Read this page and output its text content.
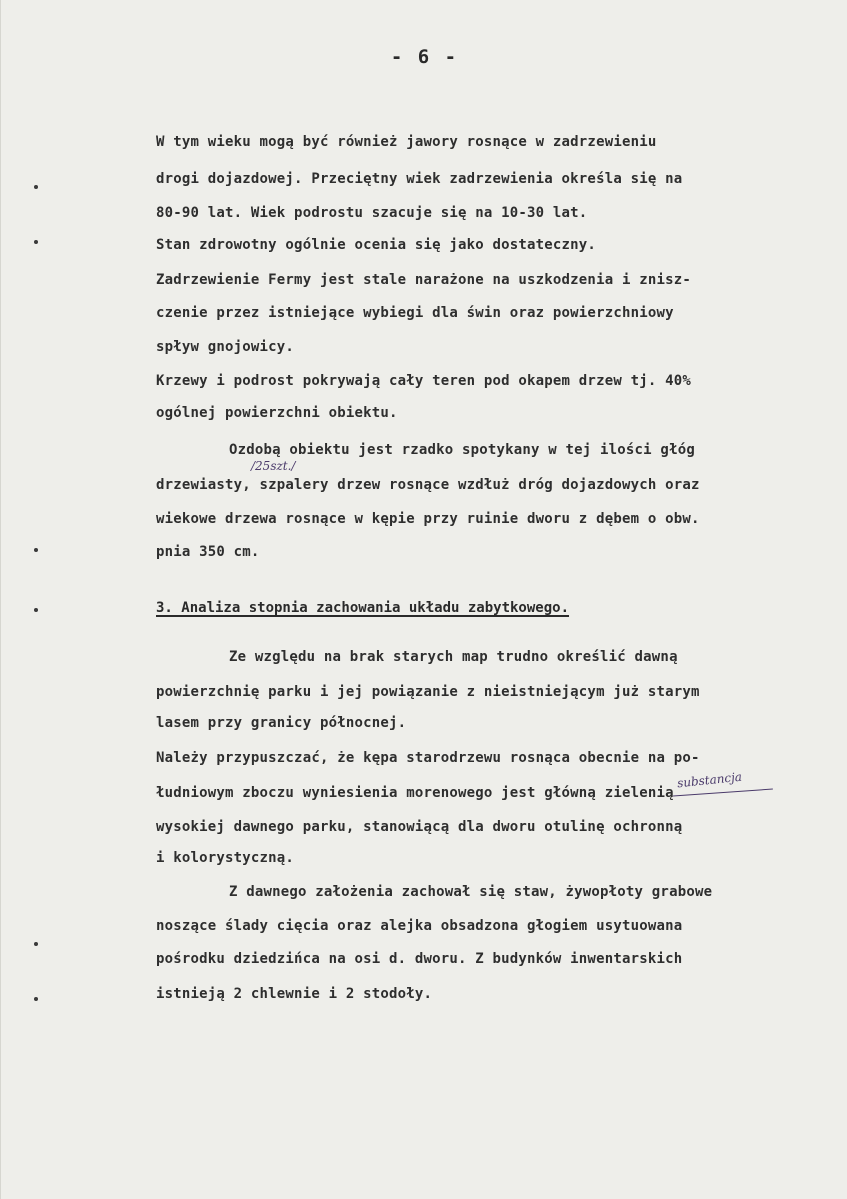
- 6 -
W tym wieku mogą być również jawory rosnące w zadrzewieniu
drogi dojazdowej. Przeciętny wiek zadrzewienia określa się na
80-90 lat. Wiek podrostu szacuje się na 10-30 lat.
Stan zdrowotny ogólnie ocenia się jako dostateczny.
Zadrzewienie Fermy jest stale narażone na uszkodzenia i znisz-
czenie przez istniejące wybiegi dla świn oraz powierzchniowy
spływ gnojowicy.
Krzewy i podrost pokrywają cały teren pod okapem drzew tj. 40%
ogólnej powierzchni obiektu.
Ozdobą obiektu jest rzadko spotykany w tej ilości głóg
/25szt./
drzewiasty, szpalery drzew rosnące wzdłuż dróg dojazdowych oraz
wiekowe drzewa rosnące w kępie przy ruinie dworu z dębem o obw.
pnia 350 cm.
3. Analiza stopnia zachowania układu zabytkowego.
Ze względu na brak starych map trudno określić dawną
powierzchnię parku i jej powiązanie z nieistniejącym już starym
lasem przy granicy północnej.
Należy przypuszczać, że kępa starodrzewu rosnąca obecnie na po-
substancja
łudniowym zboczu wyniesienia morenowego jest główną zielenią
wysokiej dawnego parku, stanowiącą dla dworu otulinę ochronną
i kolorystyczną.
Z dawnego założenia zachował się staw, żywopłoty grabowe
noszące ślady cięcia oraz alejka obsadzona głogiem usytuowana
pośrodku dziedzińca na osi d. dworu. Z budynków inwentarskich
istnieją 2 chlewnie i 2 stodoły.
